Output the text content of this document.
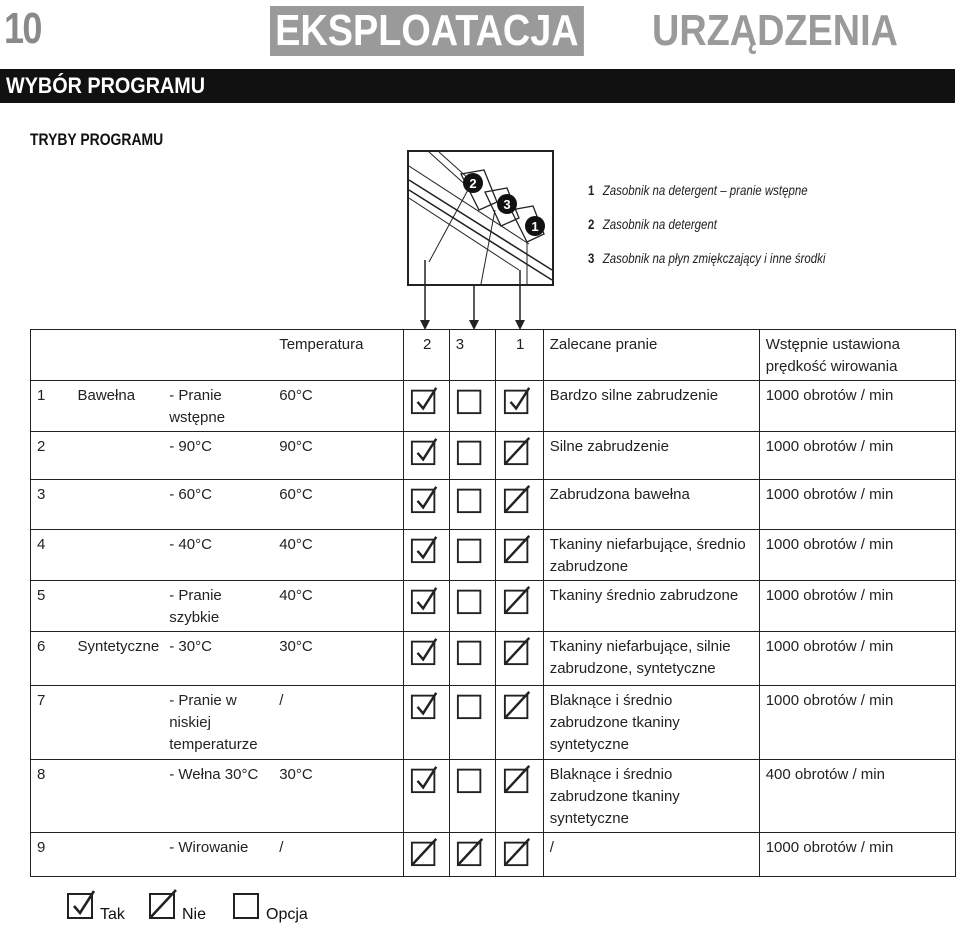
10	EKSPLOATACJA URZĄDZENIA
WYBÓR PROGRAMU
TRYBY PROGRAMU
2
3
1
1 Zasobnik na detergent – pranie wstępne
2 Zasobnik na detergent
3 Zasobnik na płyn zmiękczający i inne środki
			Temperatura	2	3	1	Zalecane pranie	Wstępnie ustawiona prędkość wirowania
1	Bawełna	- Pranie wstępne	60°C				Bardzo silne zabrudzenie	1000 obrotów / min
2		- 90°C	90°C				Silne zabrudzenie	1000 obrotów / min
3		- 60°C	60°C				Zabrudzona bawełna	1000 obrotów / min
4		- 40°C	40°C				Tkaniny niefarbujące, średnio zabrudzone	1000 obrotów / min
5		- Pranie szybkie	40°C				Tkaniny średnio zabrudzone	1000 obrotów / min
6	Syntetyczne	- 30°C	30°C				Tkaniny niefarbujące, silnie zabrudzone, syntetyczne	1000 obrotów / min
7		- Pranie w niskiej temperaturze	/				Blaknące i średnio zabrudzone tkaniny syntetyczne	1000 obrotów / min
8		- Wełna 30°C	30°C				Blaknące i średnio zabrudzone tkaniny syntetyczne	400 obrotów / min
9		- Wirowanie	/				/	1000 obrotów / min
Tak	Nie	Opcja
